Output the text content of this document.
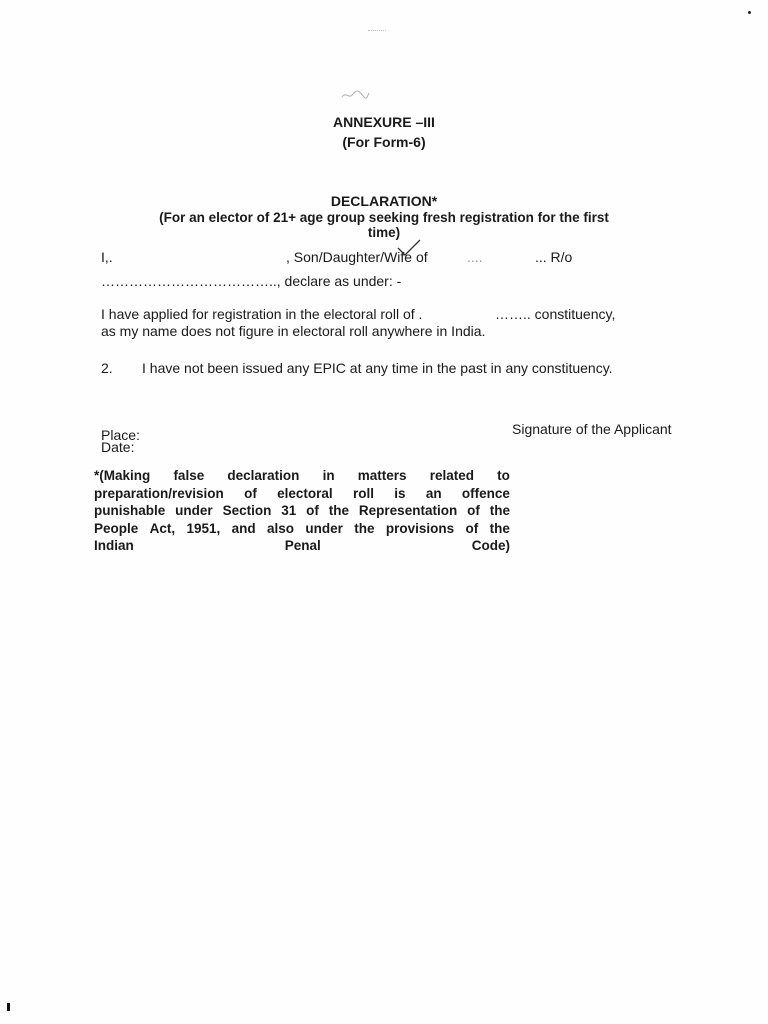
ANNEXURE –III
(For Form-6)
DECLARATION*
(For an elector of 21+ age group seeking fresh registration for the first
time)
I,.	, Son/Daughter/Wife of	....	... R/o
……………………………….., declare as under: -
I have applied for registration in the electoral roll of .	…….. constituency,
as my name does not figure in electoral roll anywhere in India.
2. I have not been issued any EPIC at any time in the past in any constituency.
Signature of the Applicant
Place:
Date:
*(Making false declaration in matters related to
preparation/revision of electoral roll is an offence
punishable under Section 31 of the Representation of the
People Act, 1951, and also under the provisions of the
Indian	Penal	Code)
